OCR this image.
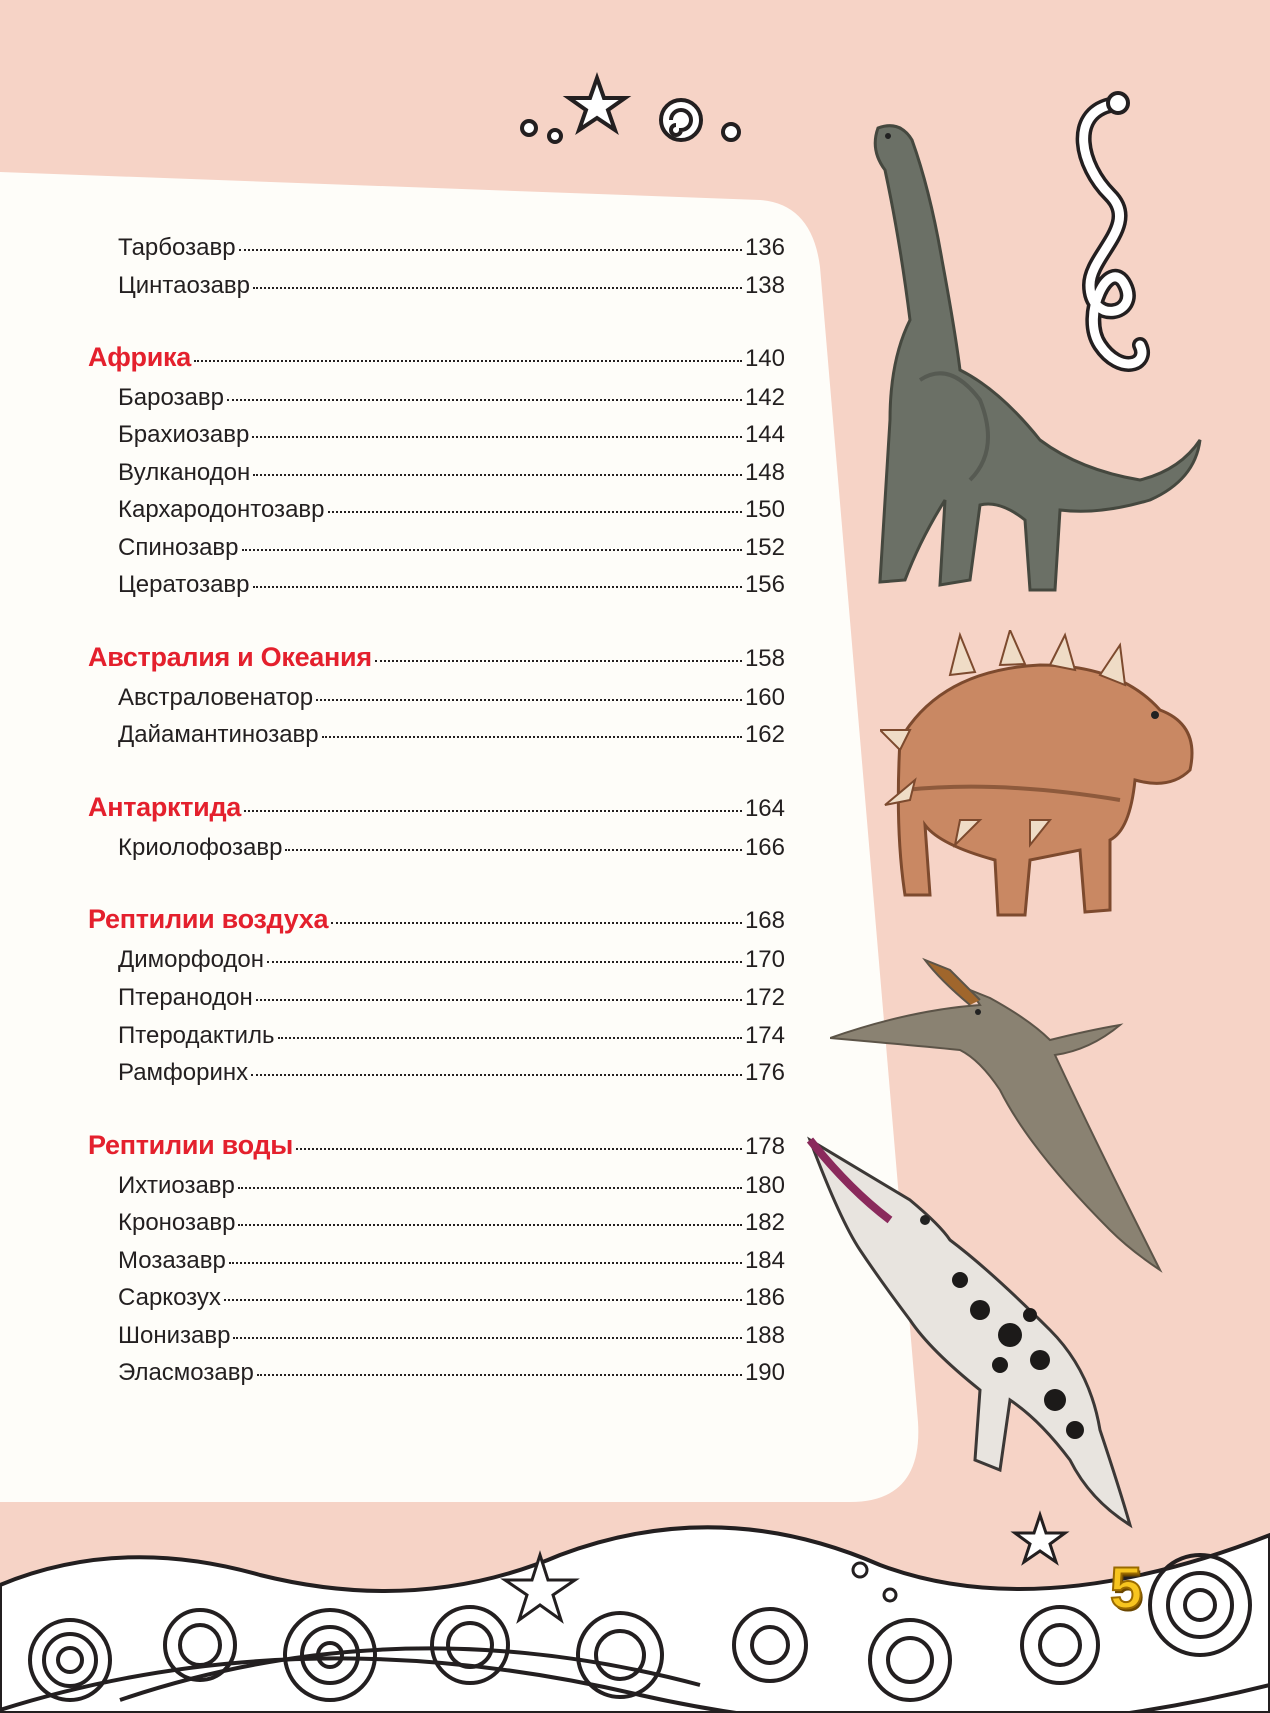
Тарбозавр	136
Цинтаозавр	138
Африка	140
Барозавр	142
Брахиозавр	144
Вулканодон	148
Кархародонтозавр	150
Спинозавр	152
Цератозавр	156
Австралия и Океания	158
Австраловенатор	160
Дайамантинозавр	162
Антарктида	164
Криолофозавр	166
Рептилии воздуха	168
Диморфодон	170
Птеранодон	172
Птеродактиль	174
Рамфоринх	176
Рептилии воды	178
Ихтиозавр	180
Кронозавр	182
Мозазавр	184
Саркозух	186
Шонизавр	188
Эласмозавр	190
5
